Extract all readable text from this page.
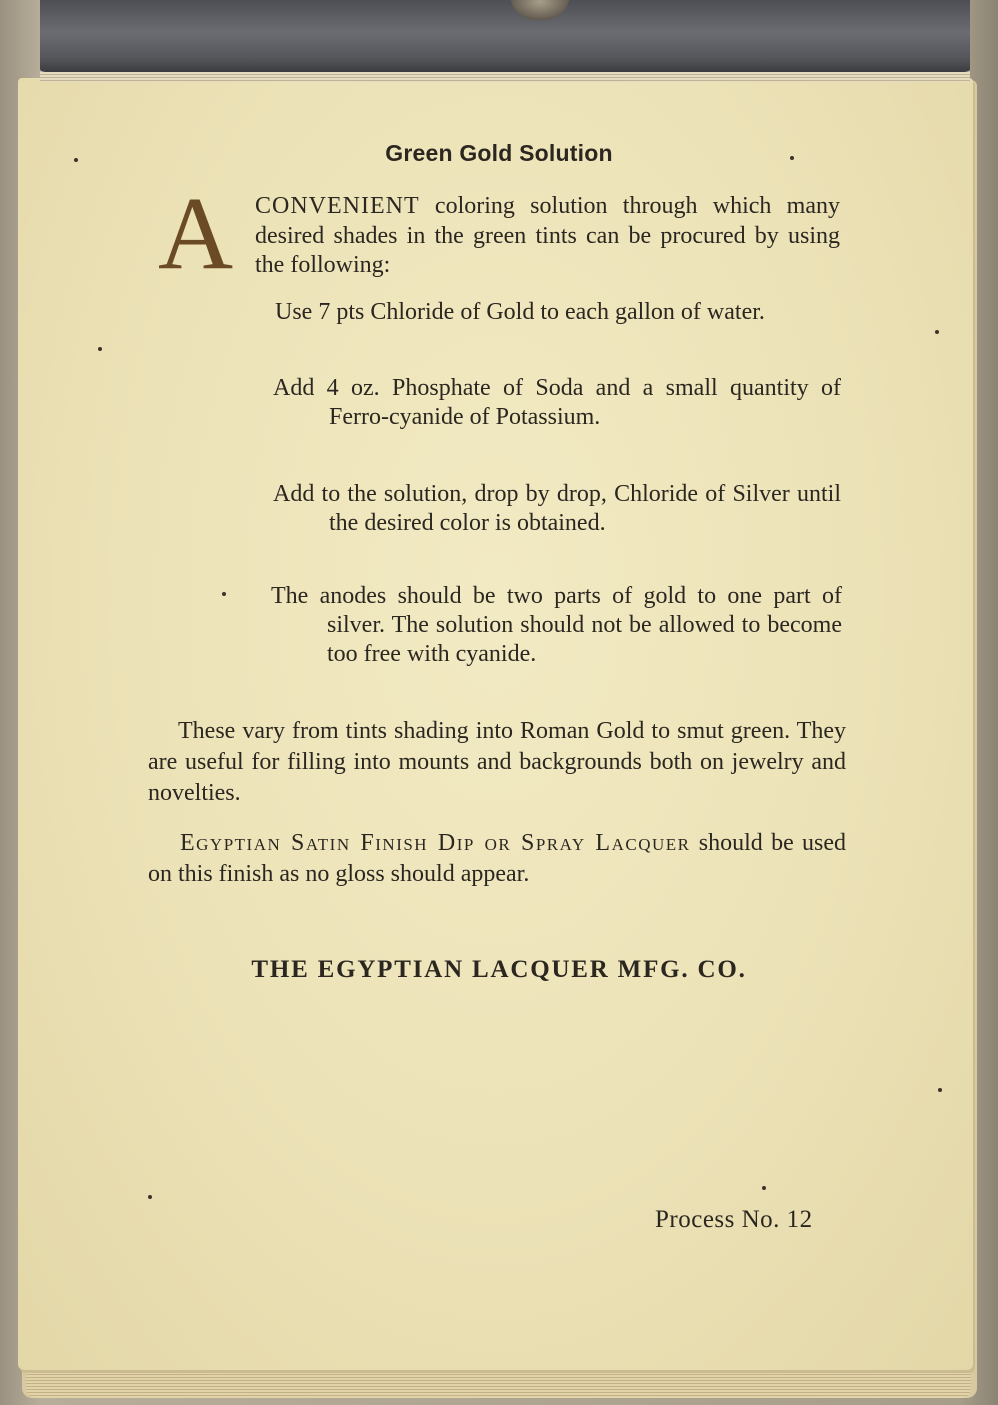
Green Gold Solution
A CONVENIENT coloring solution through which many desired shades in the green tints can be procured by using the following:
Use 7 pts Chloride of Gold to each gallon of water.
Add 4 oz. Phosphate of Soda and a small quantity of Ferro-cyanide of Potassium.
Add to the solution, drop by drop, Chloride of Silver until the desired color is obtained.
The anodes should be two parts of gold to one part of silver. The solution should not be allowed to become too free with cyanide.
These vary from tints shading into Roman Gold to smut green. They are useful for filling into mounts and backgrounds both on jewelry and novelties.
Egyptian Satin Finish Dip or Spray Lacquer should be used on this finish as no gloss should appear.
THE EGYPTIAN LACQUER MFG. CO.
Process No. 12
